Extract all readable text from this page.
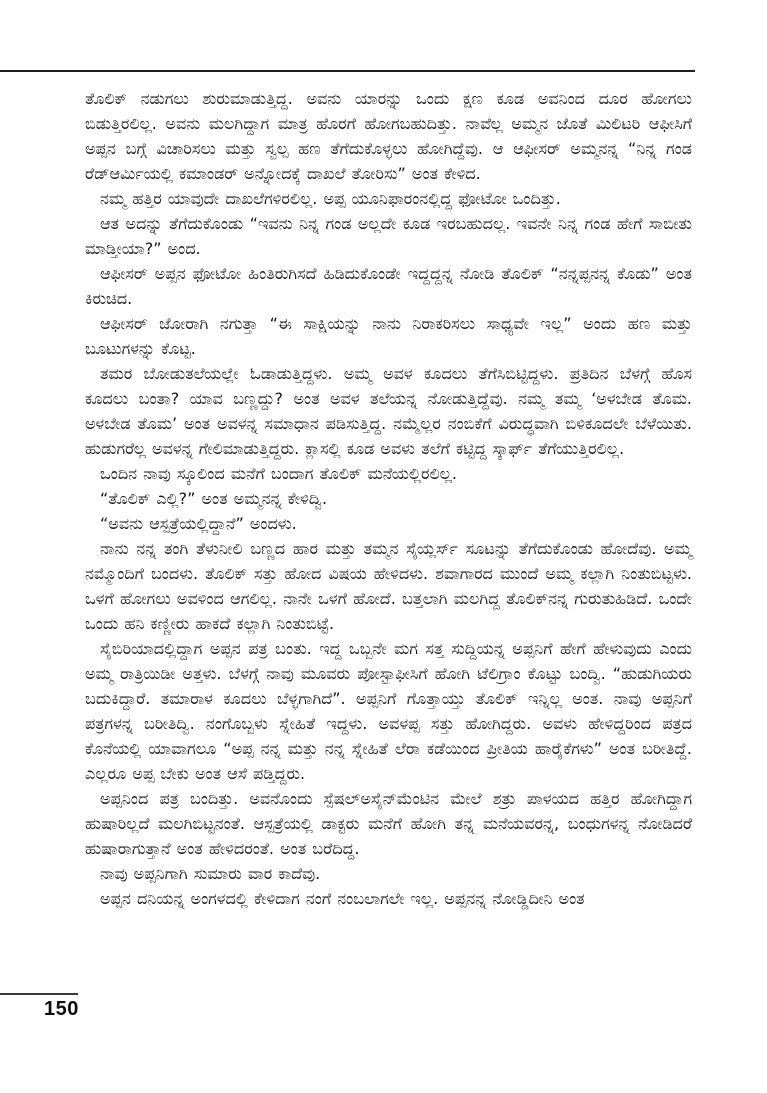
ತೊಲಿಕ್ ನಡುಗಲು ಶುರುಮಾಡುತ್ತಿದ್ದ. ಅವನು ಯಾರನ್ನು ಒಂದು ಕ್ಷಣ ಕೂಡ ಅವನಿಂದ ದೂರ ಹೋಗಲು ಬಿಡುತ್ತಿರಲಿಲ್ಲ. ಅವನು ಮಲಗಿದ್ದಾಗ ಮಾತ್ರ ಹೊರಗೆ ಹೋಗಬಹುದಿತ್ತು. ನಾವೆಲ್ಲ ಅಮ್ಮನ ಜೊತೆ ಮಿಲಿಟರಿ ಆಫೀಸಿಗೆ ಅಪ್ಪನ ಬಗ್ಗೆ ವಿಚಾರಿಸಲು ಮತ್ತು ಸ್ವಲ್ಪ ಹಣ ತೆಗೆದುಕೊಳ್ಳಲು ಹೋಗಿದ್ದೆವು. ಆ ಆಫೀಸರ್ ಅಮ್ಮನನ್ನ “ನಿನ್ನ ಗಂಡ ರೆಡ್‌ಆರ್ಮಿಯಲ್ಲಿ ಕಮಾಂಡರ್ ಅನ್ನೋದಕ್ಕೆ ದಾಖಲೆ ತೋರಿಸು” ಅಂತ ಕೇಳಿದ.

ನಮ್ಮ ಹತ್ತಿರ ಯಾವುದೇ ದಾಖಲೆಗಳಿರಲಿಲ್ಲ. ಅಪ್ಪ ಯೂನಿಫಾರಂನಲ್ಲಿದ್ದ ಫೋಟೋ ಒಂದಿತ್ತು.

ಆತ ಅದನ್ನು ತೆಗೆದುಕೊಂಡು “ಇವನು ನಿನ್ನ ಗಂಡ ಅಲ್ಲದೇ ಕೂಡ ಇರಬಹುದಲ್ಲ. ಇವನೇ ನಿನ್ನ ಗಂಡ ಹೇಗೆ ಸಾಬೀತು ಮಾಡ್ತೀಯಾ?” ಅಂದ.

ಆಫೀಸರ್ ಅಪ್ಪನ ಫೋಟೋ ಹಿಂತಿರುಗಿಸದೆ ಹಿಡಿದುಕೊಂಡೇ ಇದ್ದದ್ದನ್ನ ನೋಡಿ ತೊಲಿಕ್ “ನನ್ನಪ್ಪನನ್ನ ಕೊಡು” ಅಂತ ಕಿರುಚಿದ.

ಆಫೀಸರ್ ಜೋರಾಗಿ ನಗುತ್ತಾ “ಈ ಸಾಕ್ಷಿಯನ್ನು ನಾನು ನಿರಾಕರಿಸಲು ಸಾಧ್ಯವೇ ಇಲ್ಲ” ಅಂದು ಹಣ ಮತ್ತು ಬೂಟುಗಳನ್ನು ಕೊಟ್ಟ.

ತಮರ ಬೋಡುತಲೆಯಲ್ಲೇ ಓಡಾಡುತ್ತಿದ್ದಳು. ಅಮ್ಮ ಅವಳ ಕೂದಲು ತೆಗೆಸಿಬಿಟ್ಟಿದ್ದಳು. ಪ್ರತಿದಿನ ಬೆಳಗ್ಗೆ ಹೊಸ ಕೂದಲು ಬಂತಾ? ಯಾವ ಬಣ್ಣದ್ದು? ಅಂತ ಅವಳ ತಲೆಯನ್ನ ನೋಡುತ್ತಿದ್ದೆವು. ನಮ್ಮ ತಮ್ಮ ‘ಅಳಬೇಡ ತೊಮ. ಅಳಬೇಡ ತೊಮ’ ಅಂತ ಅವಳನ್ನ ಸಮಾಧಾನ ಪಡಿಸುತ್ತಿದ್ದ. ನಮ್ಮೆಲ್ಲರ ನಂಬಿಕೆಗೆ ವಿರುದ್ಧವಾಗಿ ಬಿಳಿಕೂದಲೇ ಬೆಳೆಯಿತು. ಹುಡುಗರೆಲ್ಲ ಅವಳನ್ನ ಗೇಲಿಮಾಡುತ್ತಿದ್ದರು. ಕ್ಲಾಸಲ್ಲಿ ಕೂಡ ಅವಳು ತಲೆಗೆ ಕಟ್ಟಿದ್ದ ಸ್ಕಾರ್ಫ್ ತೆಗೆಯುತ್ತಿರಲಿಲ್ಲ.

ಒಂದಿನ ನಾವು ಸ್ಕೂಲಿಂದ ಮನೆಗೆ ಬಂದಾಗ ತೊಲಿಕ್ ಮನೆಯಲ್ಲಿರಲಿಲ್ಲ.

“ತೊಲಿಕ್ ಎಲ್ಲಿ?” ಅಂತ ಅಮ್ಮನನ್ನ ಕೇಳಿದ್ವಿ.

“ಅವನು ಆಸ್ಪತ್ರೆಯಲ್ಲಿದ್ದಾನೆ” ಅಂದಳು.

ನಾನು ನನ್ನ ತಂಗಿ ತೆಳುನೀಲಿ ಬಣ್ಣದ ಹಾರ ಮತ್ತು ತಮ್ಮನ ಸೈಯ್ಲರ್ಸ್ ಸೂಟನ್ನು ತೆಗೆದುಕೊಂಡು ಹೋದೆವು. ಅಮ್ಮ ನಮ್ಮೊಂದಿಗೆ ಬಂದಳು. ತೊಲಿಕ್ ಸತ್ತು ಹೋದ ವಿಷಯ ಹೇಳಿದಳು. ಶವಾಗಾರದ ಮುಂದೆ ಅಮ್ಮ ಕಲ್ಲಾಗಿ ನಿಂತುಬಿಟ್ಟಳು. ಒಳಗೆ ಹೋಗಲು ಅವಳಿಂದ ಆಗಲಿಲ್ಲ. ನಾನೇ ಒಳಗೆ ಹೋದೆ. ಬತ್ತಲಾಗಿ ಮಲಗಿದ್ದ ತೊಲಿಕ್‌ನನ್ನ ಗುರುತುಹಿಡಿದೆ. ಒಂದೇ ಒಂದು ಹನಿ ಕಣ್ಣೀರು ಹಾಕದೆ ಕಲ್ಲಾಗಿ ನಿಂತುಬಿಟ್ಟೆ.

ಸೈಬಿರಿಯಾದಲ್ಲಿದ್ದಾಗ ಅಪ್ಪನ ಪತ್ರ ಬಂತು. ಇದ್ದ ಒಬ್ಬನೇ ಮಗ ಸತ್ತ ಸುದ್ದಿಯನ್ನ ಅಪ್ಪನಿಗೆ ಹೇಗೆ ಹೇಳುವುದು ಎಂದು ಅಮ್ಮ ರಾತ್ರಿಯಿಡೀ ಅತ್ತಳು. ಬೆಳಗ್ಗೆ ನಾವು ಮೂವರು ಪೋಸ್ಟಾಫೀಸಿಗೆ ಹೋಗಿ ಟೆಲಿಗ್ರಾಂ ಕೊಟ್ಟು ಬಂದ್ವಿ. “ಹುಡುಗಿಯರು ಬದುಕಿದ್ದಾರೆ. ತಮಾರಾಳ ಕೂದಲು ಬೆಳ್ಳಗಾಗಿದೆ”. ಅಪ್ಪನಿಗೆ ಗೊತ್ತಾಯ್ತು ತೊಲಿಕ್ ಇನ್ನಿಲ್ಲ ಅಂತ. ನಾವು ಅಪ್ಪನಿಗೆ ಪತ್ರಗಳನ್ನ ಬರೀತಿದ್ವಿ. ನಂಗೊಬ್ಬಳು ಸ್ನೇಹಿತೆ ಇದ್ದಳು. ಅವಳಪ್ಪ ಸತ್ತು ಹೋಗಿದ್ದರು. ಅವಳು ಹೇಳಿದ್ದರಿಂದ ಪತ್ರದ ಕೊನೆಯಲ್ಲಿ ಯಾವಾಗಲೂ “ಅಪ್ಪ ನನ್ನ ಮತ್ತು ನನ್ನ ಸ್ನೇಹಿತೆ ಲೆರಾ ಕಡೆಯಿಂದ ಪ್ರೀತಿಯ ಹಾರೈಕೆಗಳು” ಅಂತ ಬರೀತಿದ್ದೆ. ಎಲ್ಲರೂ ಅಪ್ಪ ಬೇಕು ಅಂತ ಆಸೆ ಪಡ್ತಿದ್ದರು.

ಅಪ್ಪನಿಂದ ಪತ್ರ ಬಂದಿತ್ತು. ಅವನೊಂದು ಸ್ಪೆಷಲ್‌ಅಸೈನ್‌ಮೆಂಟಿನ ಮೇಲೆ ಶತ್ರು ಪಾಳಯದ ಹತ್ತಿರ ಹೋಗಿದ್ದಾಗ ಹುಷಾರಿಲ್ಲದೆ ಮಲಗಿಬಿಟ್ಟನಂತೆ. ಆಸ್ಪತ್ರೆಯಲ್ಲಿ ಡಾಕ್ಟರು ಮನೆಗೆ ಹೋಗಿ ತನ್ನ ಮನೆಯವರನ್ನ, ಬಂಧುಗಳನ್ನ ನೋಡಿದರೆ ಹುಷಾರಾಗುತ್ತಾನೆ ಅಂತ ಹೇಳಿದರಂತೆ. ಅಂತ ಬರೆದಿದ್ದ.

ನಾವು ಅಪ್ಪನಿಗಾಗಿ ಸುಮಾರು ವಾರ ಕಾದೆವು.

ಅಪ್ಪನ ದನಿಯನ್ನ ಅಂಗಳದಲ್ಲಿ ಕೇಳಿದಾಗ ನಂಗೆ ನಂಬಲಾಗಲೇ ಇಲ್ಲ. ಅಪ್ಪನನ್ನ ನೋಡ್ಡಿದೀನಿ ಅಂತ

150
